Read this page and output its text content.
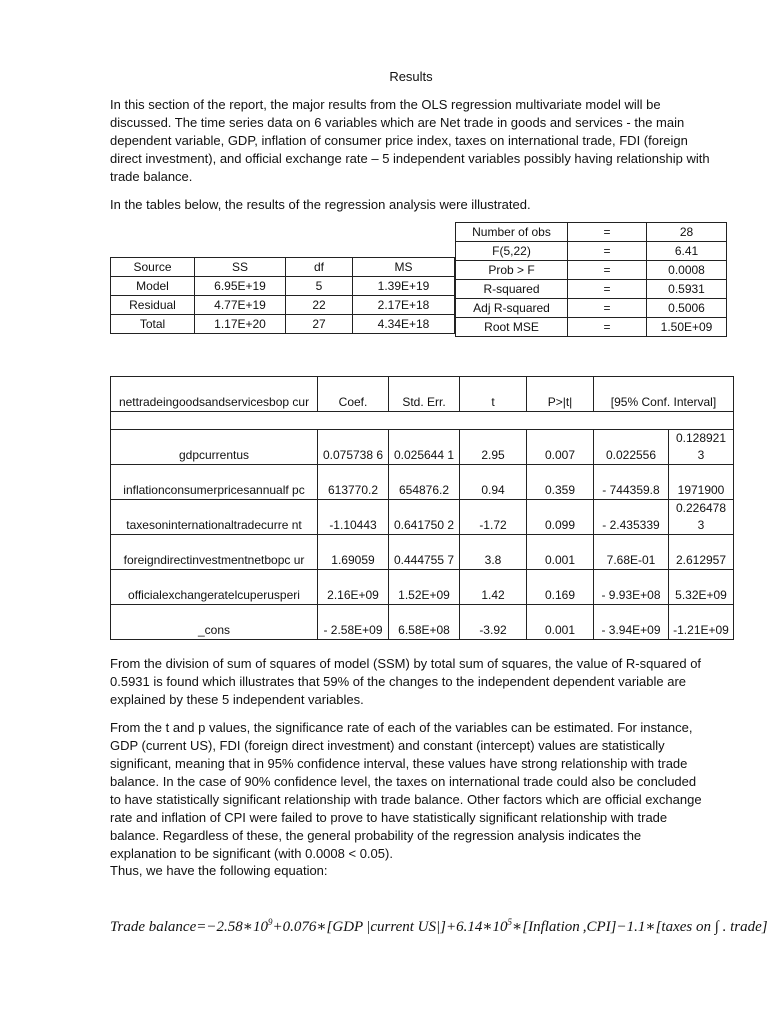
Results

In this section of the report, the major results from the OLS regression multivariate model will be discussed. The time series data on 6 variables which are Net trade in goods and services - the main dependent variable, GDP, inflation of consumer price index, taxes on international trade, FDI (foreign direct investment), and official exchange rate – 5 independent variables possibly having relationship with trade balance.

In the tables below, the results of the regression analysis were illustrated.

Source	SS	df	MS
Model	6.95E+19	5	1.39E+19
Residual	4.77E+19	22	2.17E+18
Total	1.17E+20	27	4.34E+18
Number of obs	=	28
F(5,22)	=	6.41
Prob > F	=	0.0008
R-squared	=	0.5931
Adj R-squared	=	0.5006
Root MSE	=	1.50E+09
nettradeingoodsandservicesbop cur	Coef.	Std. Err.	t	P>|t|	[95% Conf. Interval]	

gdpcurrentus	0.075738 6	0.025644 1	2.95	0.007	0.022556	0.128921 3
inflationconsumerpricesannualf pc	613770.2	654876.2	0.94	0.359	- 744359.8	1971900
taxesoninternationaltradecurre nt	-1.10443	0.641750 2	-1.72	0.099	- 2.435339	0.226478 3
foreigndirectinvestmentnetbopc ur	1.69059	0.444755 7	3.8	0.001	7.68E-01	2.612957
officialexchangeratelcuperusperi	2.16E+09	1.52E+09	1.42	0.169	- 9.93E+08	5.32E+09
_cons	- 2.58E+09	6.58E+08	-3.92	0.001	- 3.94E+09	-1.21E+09

From the division of sum of squares of model (SSM) by total sum of squares, the value of R-squared of 0.5931 is found which illustrates that 59% of the changes to the independent dependent variable are explained by these 5 independent variables.

From the t and p values, the significance rate of each of the variables can be estimated. For instance, GDP (current US), FDI (foreign direct investment) and constant (intercept) values are statistically significant, meaning that in 95% confidence interval, these values have strong relationship with trade balance. In the case of 90% confidence level, the taxes on international trade could also be concluded to have statistically significant relationship with trade balance. Other factors which are official exchange rate and inflation of CPI were failed to prove to have statistically significant relationship with trade balance. Regardless of these, the general probability of the regression analysis indicates the explanation to be significant (with 0.0008 < 0.05).

Thus, we have the following equation:

Trade $balance=-2.58∗10^9+0.076∗[GDP$ |current $US|]+6.14∗10^5∗[Inflation$ ,CPI]−1.1∗[taxes on ∫ . trade]
